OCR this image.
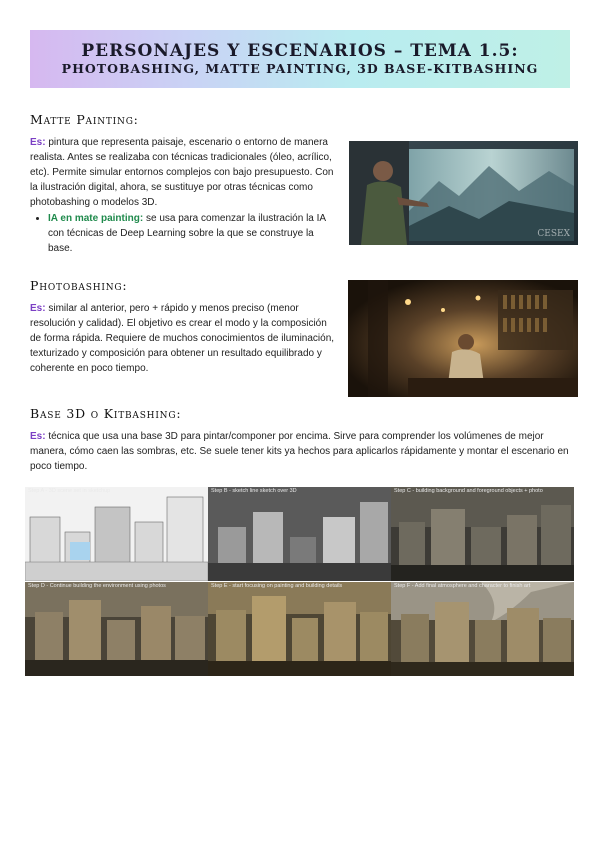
PERSONAJES Y ESCENARIOS – TEMA 1.5:
PHOTOBASHING, MATTE PAINTING, 3D BASE-KITBASHING
Matte Painting:
Es: pintura que representa paisaje, escenario o entorno de manera realista. Antes se realizaba con técnicas tradicionales (óleo, acrílico, etc). Permite simular entornos complejos con bajo presupuesto. Con la ilustración digital, ahora, se sustituye por otras técnicas como photobashing o modelos 3D.
• IA en mate painting: se usa para comenzar la ilustración la IA con técnicas de Deep Learning sobre la que se construye la base.
CESEX
Photobashing:
Es: similar al anterior, pero + rápido y menos preciso (menor resolución y calidad). El objetivo es crear el modo y la composición de forma rápida. Requiere de muchos conocimientos de iluminación, texturizado y composición para obtener un resultado equilibrado y coherente en poco tiempo.
Base 3D o Kitbashing:
Es: técnica que usa una base 3D para pintar/componer por encima. Sirve para comprender los volúmenes de mejor manera, cómo caen las sombras, etc. Se suele tener kits ya hechos para aplicarlos rápidamente y montar el escenario en poco tiempo.
Step A - 3D scene set in sketchup	Step B - sketch line sketch over 3D	Step C - building background and foreground objects + photo
Step D - Continue building the environment using photos	Step E - start focusing on painting and building details	Step F - Add final atmosphere and character to finish art
